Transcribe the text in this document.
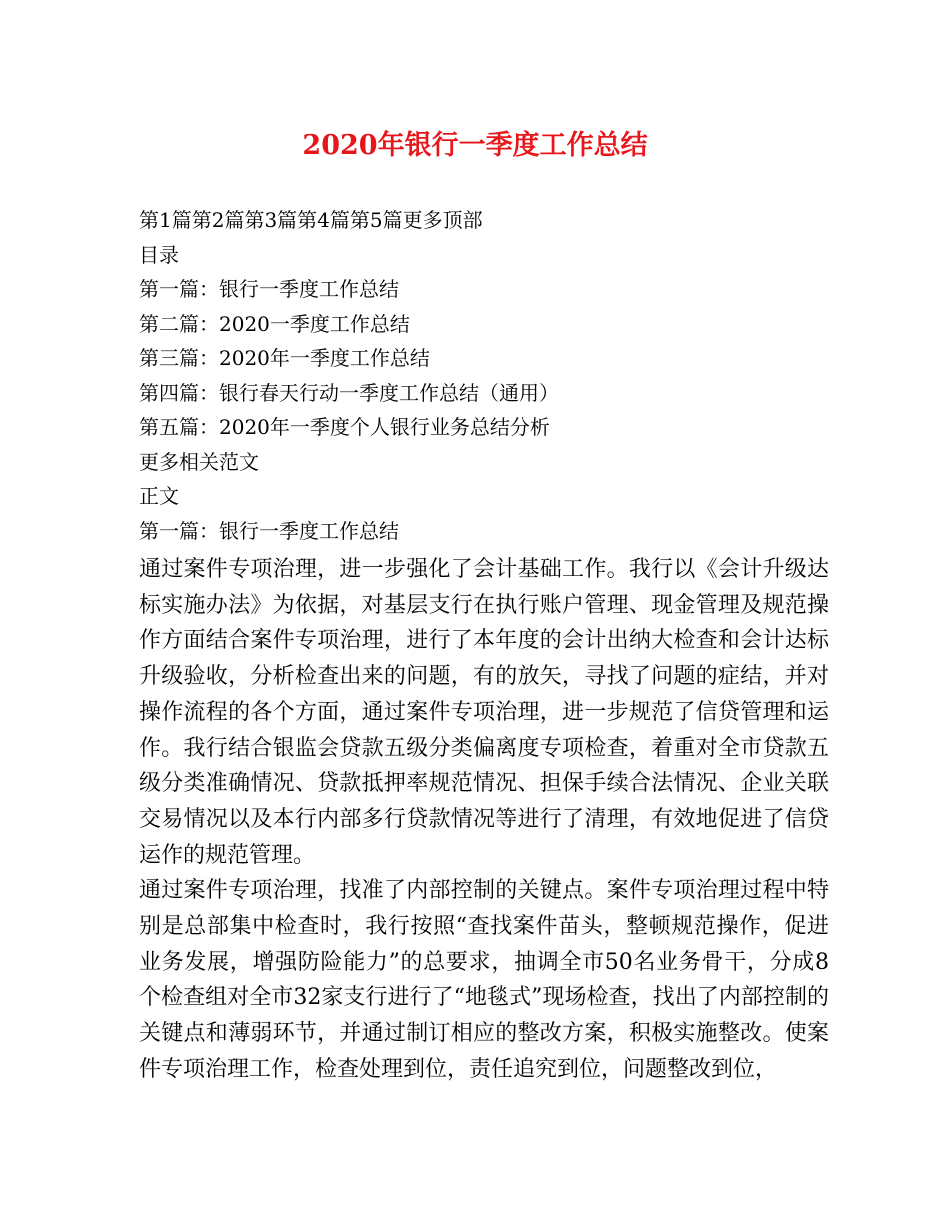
2020年银行一季度工作总结
第1篇第2篇第3篇第4篇第5篇更多顶部
目录
第一篇：银行一季度工作总结
第二篇：2020一季度工作总结
第三篇：2020年一季度工作总结
第四篇：银行春天行动一季度工作总结（通用）
第五篇：2020年一季度个人银行业务总结分析
更多相关范文
正文
第一篇：银行一季度工作总结

通过案件专项治理，进一步强化了会计基础工作。我行以《会计升级达标实施办法》为依据，对基层支行在执行账户管理、现金管理及规范操作方面结合案件专项治理，进行了本年度的会计出纳大检查和会计达标升级验收，分析检查出来的问题，有的放矢，寻找了问题的症结，并对操作流程的各个方面，通过案件专项治理，进一步规范了信贷管理和运作。我行结合银监会贷款五级分类偏离度专项检查，着重对全市贷款五级分类准确情况、贷款抵押率规范情况、担保手续合法情况、企业关联交易情况以及本行内部多行贷款情况等进行了清理，有效地促进了信贷运作的规范管理。

通过案件专项治理，找准了内部控制的关键点。案件专项治理过程中特别是总部集中检查时，我行按照“查找案件苗头，整顿规范操作，促进业务发展，增强防险能力”的总要求，抽调全市50名业务骨干，分成8个检查组对全市32家支行进行了“地毯式”现场检查，找出了内部控制的关键点和薄弱环节，并通过制订相应的整改方案，积极实施整改。使案件专项治理工作，检查处理到位，责任追究到位，问题整改到位，
